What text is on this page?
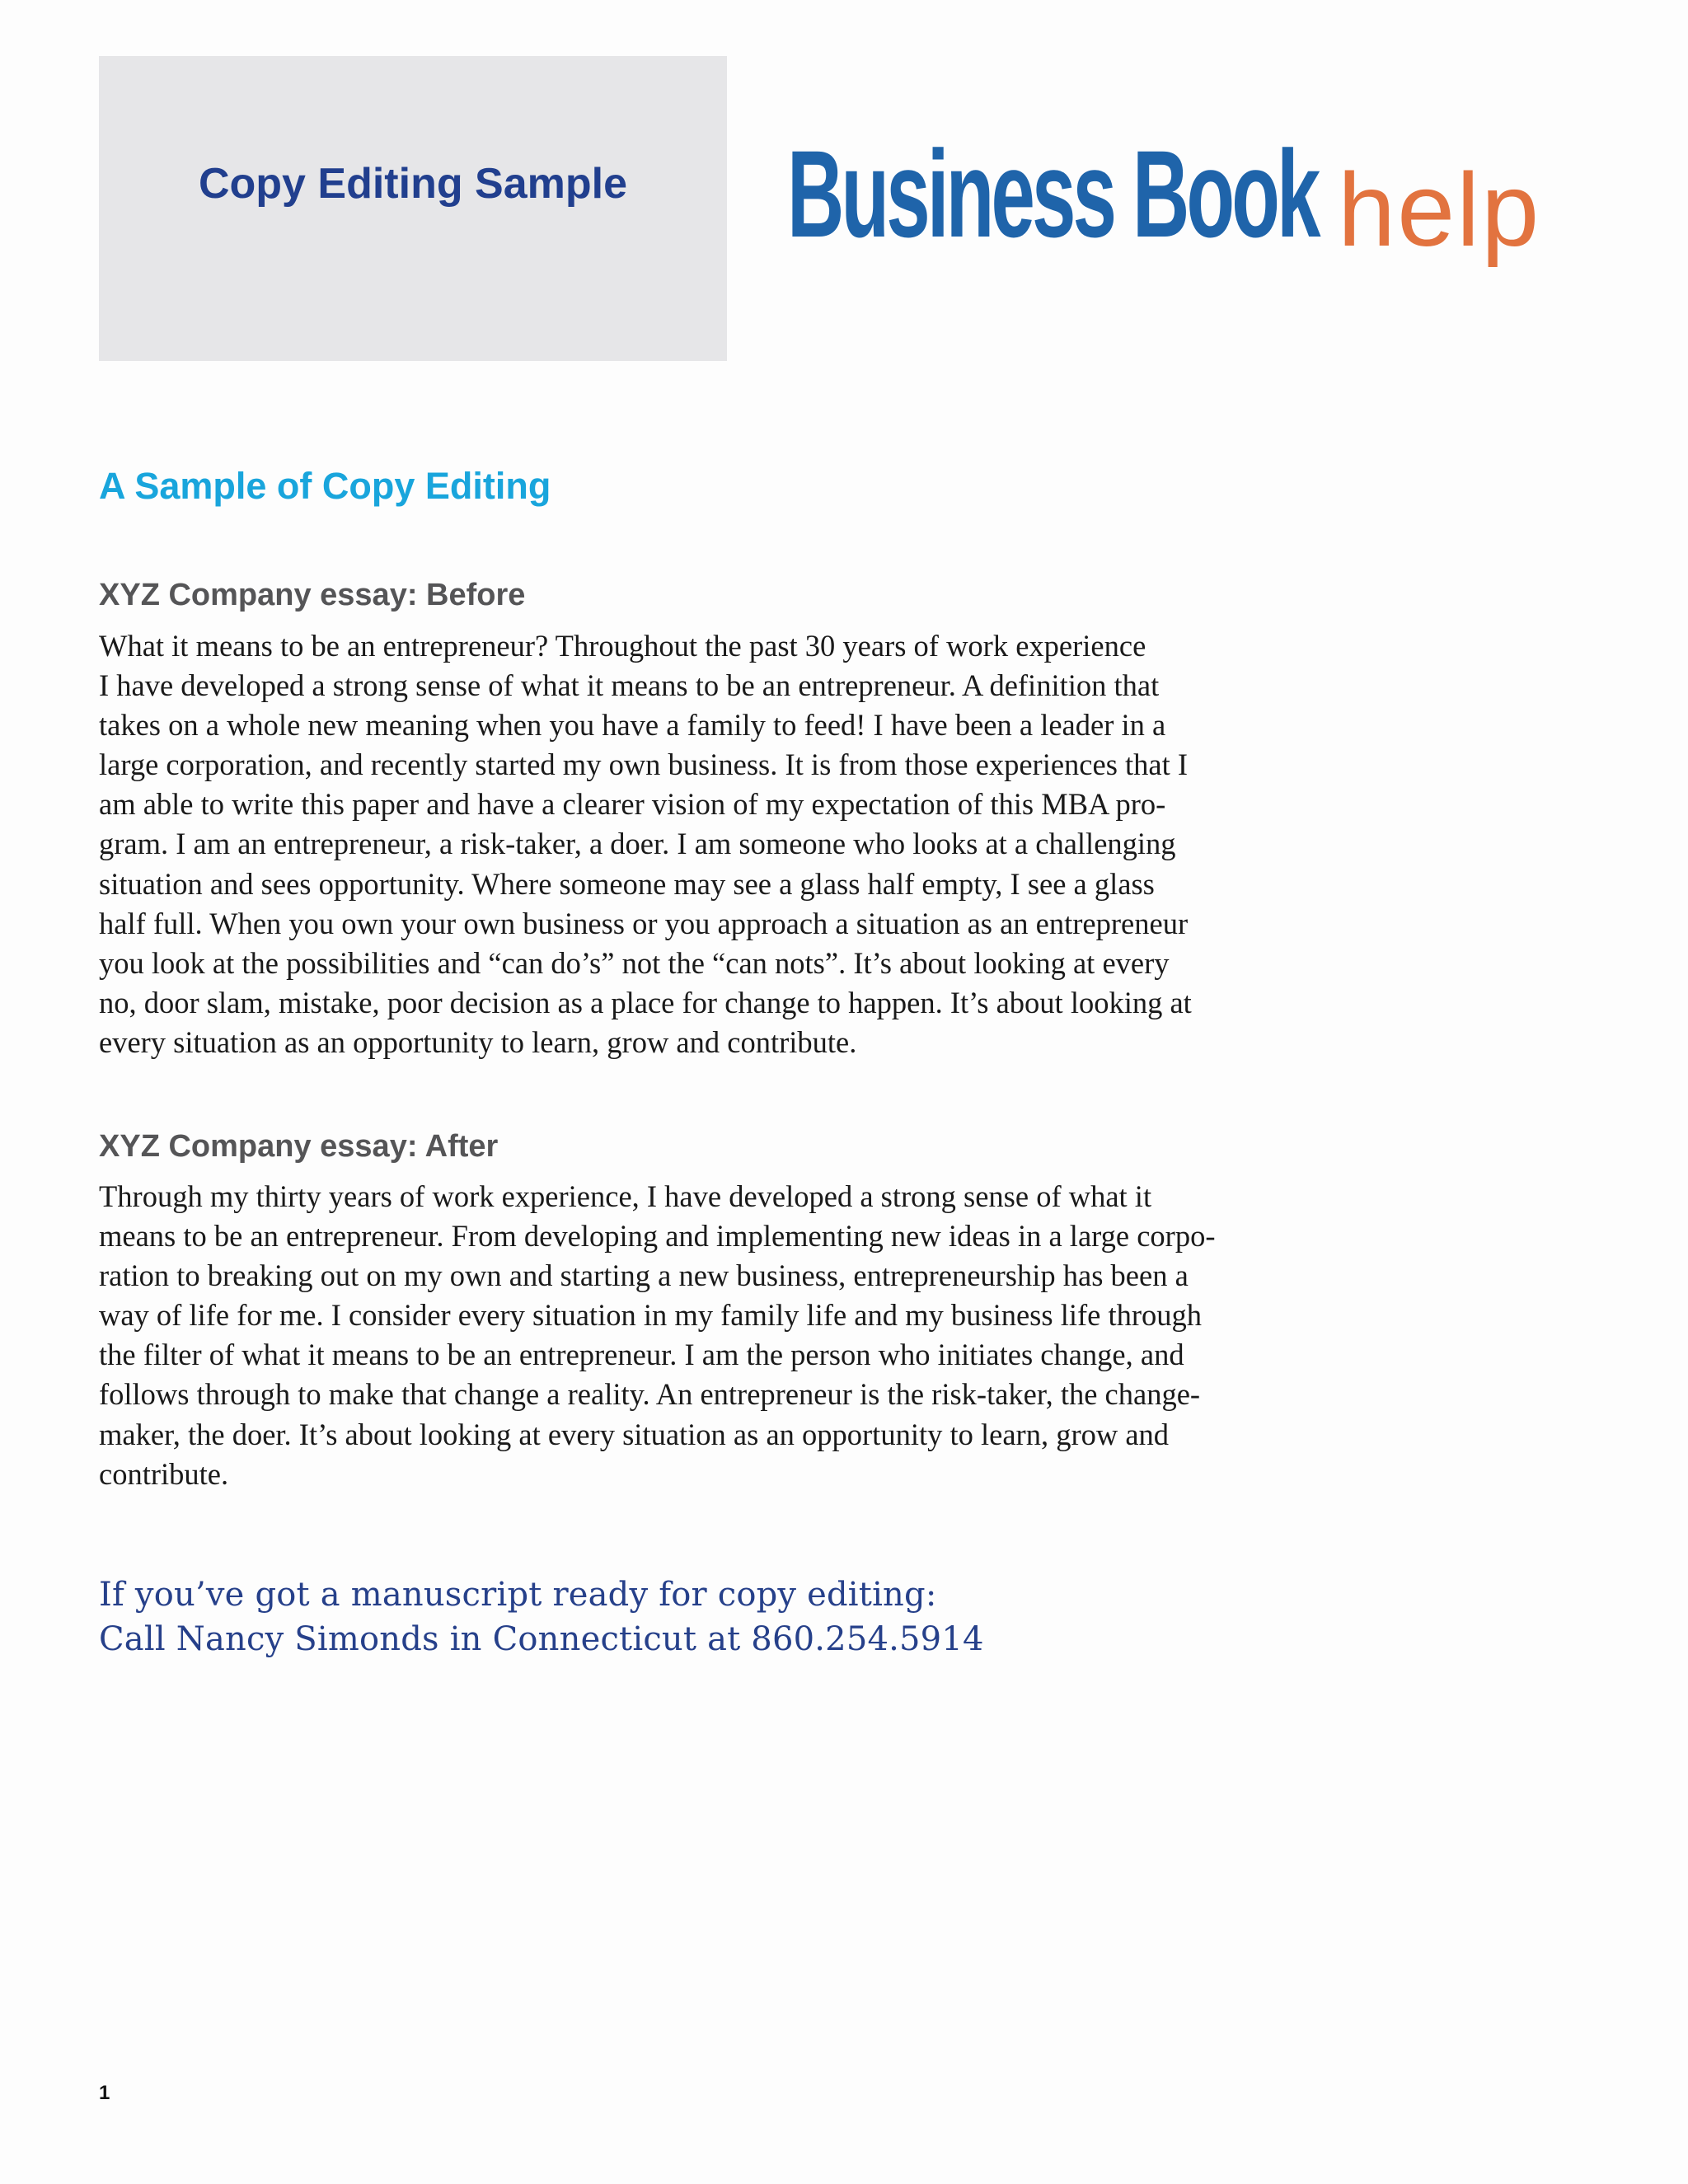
Copy Editing Sample	Business Book help
A Sample of Copy Editing
XYZ Company essay: Before
What it means to be an entrepreneur? Throughout the past 30 years of work experience
I have developed a strong sense of what it means to be an entrepreneur. A definition that
takes on a whole new meaning when you have a family to feed! I have been a leader in a
large corporation, and recently started my own business. It is from those experiences that I
am able to write this paper and have a clearer vision of my expectation of this MBA pro-
gram. I am an entrepreneur, a risk-taker, a doer. I am someone who looks at a challenging
situation and sees opportunity. Where someone may see a glass half empty, I see a glass
half full. When you own your own business or you approach a situation as an entrepreneur
you look at the possibilities and “can do’s” not the “can nots”. It’s about looking at every
no, door slam, mistake, poor decision as a place for change to happen. It’s about looking at
every situation as an opportunity to learn, grow and contribute.
XYZ Company essay: After
Through my thirty years of work experience, I have developed a strong sense of what it
means to be an entrepreneur. From developing and implementing new ideas in a large corpo-
ration to breaking out on my own and starting a new business, entrepreneurship has been a
way of life for me. I consider every situation in my family life and my business life through
the filter of what it means to be an entrepreneur. I am the person who initiates change, and
follows through to make that change a reality. An entrepreneur is the risk-taker, the change-
maker, the doer. It’s about looking at every situation as an opportunity to learn, grow and
contribute.
If you’ve got a manuscript ready for copy editing:
Call Nancy Simonds in Connecticut at 860.254.5914
1
